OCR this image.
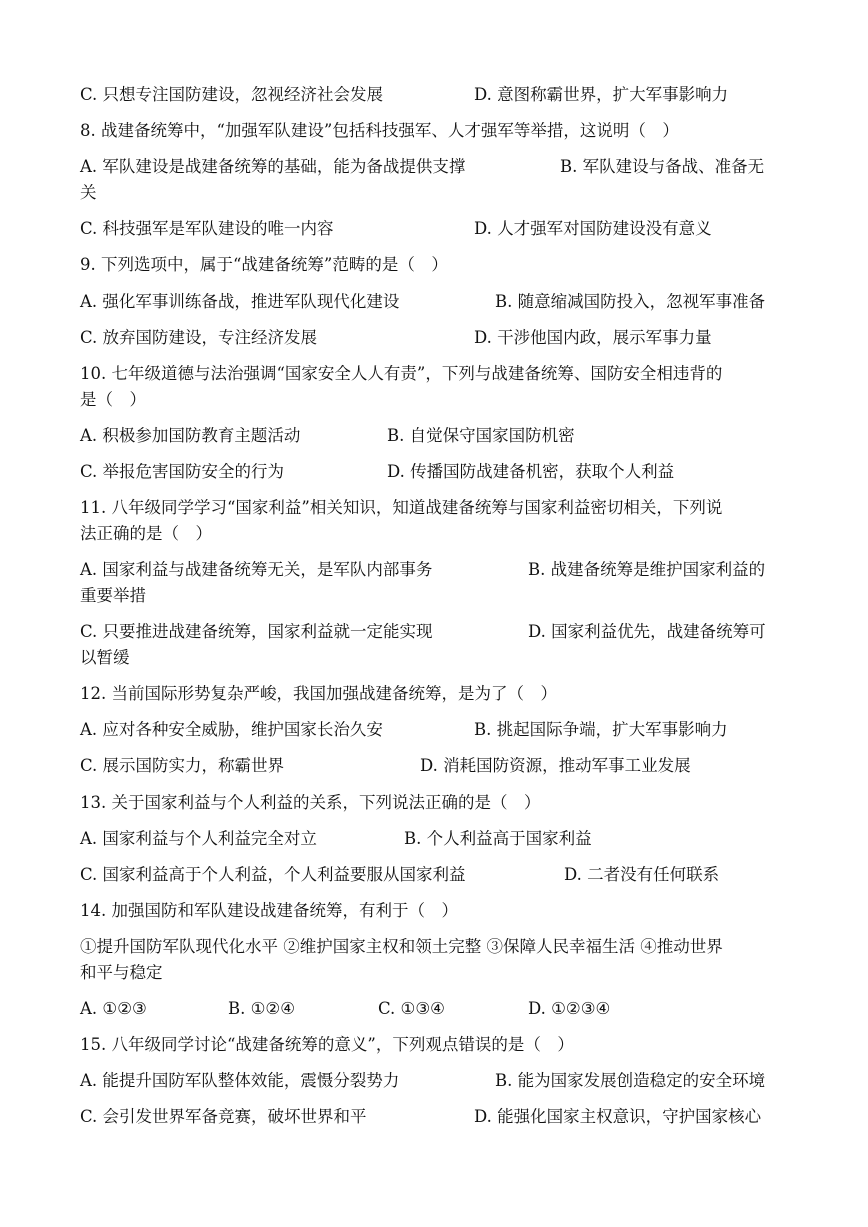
C. 只想专注国防建设，忽视经济社会发展	D. 意图称霸世界，扩大军事影响力
8. 战建备统筹中，“加强军队建设”包括科技强军、人才强军等举措，这说明（　）
A. 军队建设是战建备统筹的基础，能为备战提供支撑	B. 军队建设与备战、准备无
关
C. 科技强军是军队建设的唯一内容	D. 人才强军对国防建设没有意义
9. 下列选项中，属于“战建备统筹”范畴的是（　）
A. 强化军事训练备战，推进军队现代化建设	B. 随意缩减国防投入，忽视军事准备
C. 放弃国防建设，专注经济发展	D. 干涉他国内政，展示军事力量
10. 七年级道德与法治强调“国家安全人人有责”，下列与战建备统筹、国防安全相违背的
是（　）
A. 积极参加国防教育主题活动	B. 自觉保守国家国防机密
C. 举报危害国防安全的行为	D. 传播国防战建备机密，获取个人利益
11. 八年级同学学习“国家利益”相关知识，知道战建备统筹与国家利益密切相关，下列说
法正确的是（　）
A. 国家利益与战建备统筹无关，是军队内部事务	B. 战建备统筹是维护国家利益的
重要举措
C. 只要推进战建备统筹，国家利益就一定能实现	D. 国家利益优先，战建备统筹可
以暂缓
12. 当前国际形势复杂严峻，我国加强战建备统筹，是为了（　）
A. 应对各种安全威胁，维护国家长治久安	B. 挑起国际争端，扩大军事影响力
C. 展示国防实力，称霸世界	D. 消耗国防资源，推动军事工业发展
13. 关于国家利益与个人利益的关系，下列说法正确的是（　）
A. 国家利益与个人利益完全对立	B. 个人利益高于国家利益
C. 国家利益高于个人利益，个人利益要服从国家利益	D. 二者没有任何联系
14. 加强国防和军队建设战建备统筹，有利于（　）
①提升国防军队现代化水平 ②维护国家主权和领土完整 ③保障人民幸福生活 ④推动世界
和平与稳定
A. ①②③	B. ①②④	C. ①③④	D. ①②③④
15. 八年级同学讨论“战建备统筹的意义”，下列观点错误的是（　）
A. 能提升国防军队整体效能，震慑分裂势力	B. 能为国家发展创造稳定的安全环境
C. 会引发世界军备竞赛，破坏世界和平	D. 能强化国家主权意识，守护国家核心
